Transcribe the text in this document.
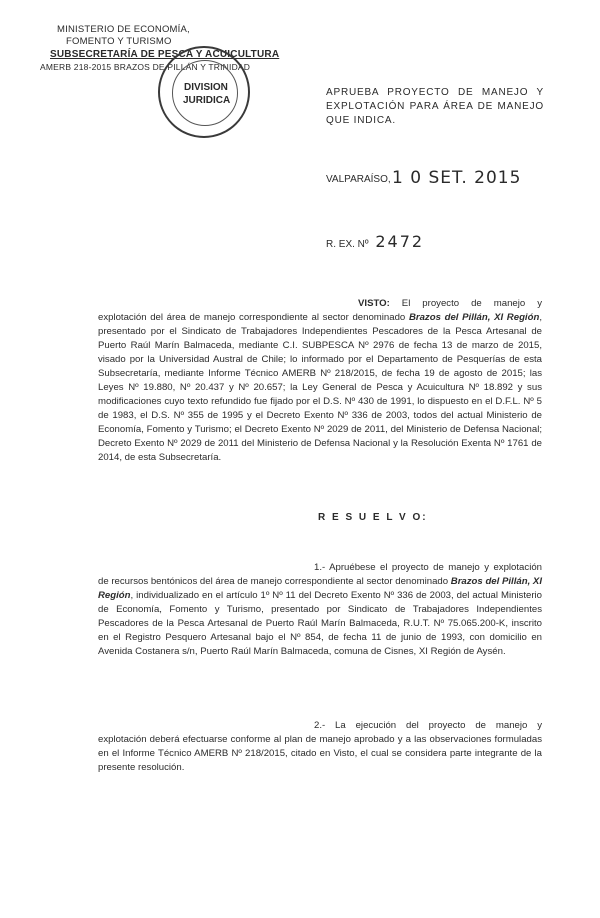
MINISTERIO DE ECONOMÍA,
FOMENTO Y TURISMO
SUBSECRETARÍA DE PESCA Y ACUICULTURA
AMERB 218-2015 BRAZOS DE PILLÁN Y TRINIDAD
DIVISION
JURIDICA
APRUEBA PROYECTO DE MANEJO Y EXPLOTACIÓN PARA ÁREA DE MANEJO QUE INDICA.
VALPARAÍSO, 1 0 SET. 2015
R. EX. Nº 2472
VISTO: El proyecto de manejo y explotación del área de manejo correspondiente al sector denominado Brazos del Pillán, XI Región, presentado por el Sindicato de Trabajadores Independientes Pescadores de la Pesca Artesanal de Puerto Raúl Marín Balmaceda, mediante C.I. SUBPESCA Nº 2976 de fecha 13 de marzo de 2015, visado por la Universidad Austral de Chile; lo informado por el Departamento de Pesquerías de esta Subsecretaría, mediante Informe Técnico AMERB Nº 218/2015, de fecha 19 de agosto de 2015; las Leyes Nº 19.880, Nº 20.437 y Nº 20.657; la Ley General de Pesca y Acuicultura Nº 18.892 y sus modificaciones cuyo texto refundido fue fijado por el D.S. Nº 430 de 1991, lo dispuesto en el D.F.L. Nº 5 de 1983, el D.S. Nº 355 de 1995 y el Decreto Exento Nº 336 de 2003, todos del actual Ministerio de Economía, Fomento y Turismo; el Decreto Exento Nº 2029 de 2011, del Ministerio de Defensa Nacional; Decreto Exento Nº 2029 de 2011 del Ministerio de Defensa Nacional y la Resolución Exenta Nº 1761 de 2014, de esta Subsecretaría.
R E S U E L V O:
1.- Apruébese el proyecto de manejo y explotación de recursos bentónicos del área de manejo correspondiente al sector denominado Brazos del Pillán, XI Región, individualizado en el artículo 1º Nº 11 del Decreto Exento Nº 336 de 2003, del actual Ministerio de Economía, Fomento y Turismo, presentado por Sindicato de Trabajadores Independientes Pescadores de la Pesca Artesanal de Puerto Raúl Marín Balmaceda, R.U.T. Nº 75.065.200-K, inscrito en el Registro Pesquero Artesanal bajo el Nº 854, de fecha 11 de junio de 1993, con domicilio en Avenida Costanera s/n, Puerto Raúl Marín Balmaceda, comuna de Cisnes, XI Región de Aysén.
2.- La ejecución del proyecto de manejo y explotación deberá efectuarse conforme al plan de manejo aprobado y a las observaciones formuladas en el Informe Técnico AMERB Nº 218/2015, citado en Visto, el cual se considera parte integrante de la presente resolución.
